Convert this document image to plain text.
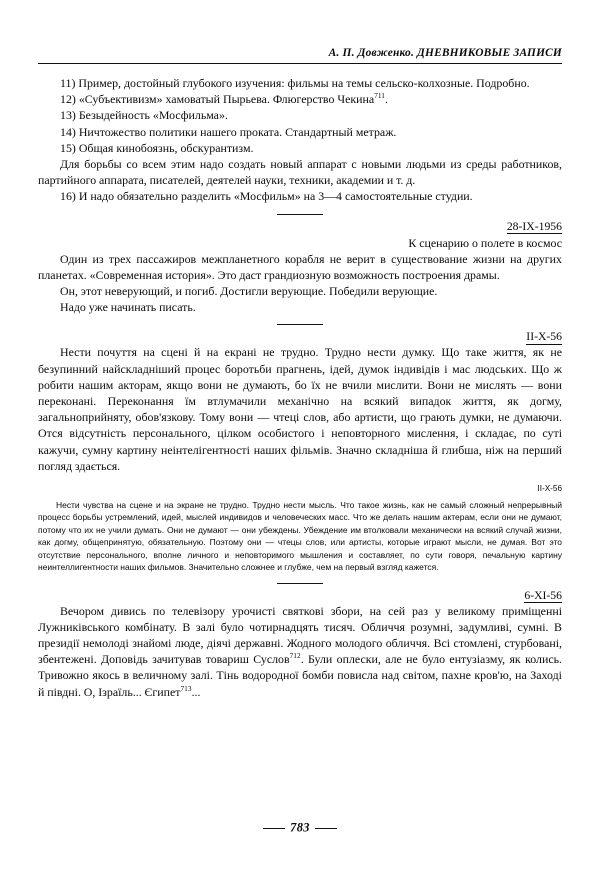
А. П. Довженко. ДНЕВНИКОВЫЕ ЗАПИСИ

11) Пример, достойный глубокого изучения: фильмы на темы сельско-колхозные. Подробно.

12) «Субъективизм» хамоватый Пырьева. Флюгерство Чекина$^{711}$.

13) Безыдейность «Мосфильма».

14) Ничтожество политики нашего проката. Стандартный метраж.

15) Общая кинобоязнь, обскурантизм.

Для борьбы со всем этим надо создать новый аппарат с новыми людьми из среды работников, партийного аппарата, писателей, деятелей науки, техники, академии и т. д.

16) И надо обязательно разделить «Мосфильм» на 3—4 самостоятельные студии.

28-IX-1956
К сценарию о полете в космос

Один из трех пассажиров межпланетного корабля не верит в существование жизни на других планетах. «Современная история». Это даст грандиозную возможность построения драмы.

Он, этот неверующий, и погиб. Достигли верующие. Победили верующие.

Надо уже начинать писать.

II-X-56

Нести почуття на сцені й на екрані не трудно. Трудно нести думку. Що таке життя, як не безупинний найскладніший процес боротьби прагнень, ідей, думок індивідів і мас людських. Що ж робити нашим акторам, якщо вони не думають, бо їх не вчили мислити. Вони не мислять — вони переконані. Переконання їм втлумачили механічно на всякий випадок життя, як догму, загальноприйняту, обов'язкову. Тому вони — чтеці слов, або артисти, що грають думки, не думаючи. Отся відсутність персонального, цілком особистого і неповторного мислення, і складає, по суті кажучи, сумну картину неінтелігентності наших фільмів. Значно складніша й глибша, ніж на перший погляд здається.

II-X-56

Нести чувства на сцене и на экране не трудно. Трудно нести мысль. Что такое жизнь, как не самый сложный непрерывный процесс борьбы устремлений, идей, мыслей индивидов и человеческих масс. Что же делать нашим актерам, если они не думают, потому что их не учили думать. Они не думают — они убеждены. Убеждение им втолковали механически на всякий случай жизни, как догму, общепринятую, обязательную. Поэтому они — чтецы слов, или артисты, которые играют мысли, не думая. Вот это отсутствие персонального, вполне личного и неповторимого мышления и составляет, по сути говоря, печальную картину неинтеллигентности наших фильмов. Значительно сложнее и глубже, чем на первый взгляд кажется.

6-XI-56

Вечором дивись по телевізору урочисті святкові збори, на сей раз у великому приміщенні Лужниківського комбінату. В залі було чотирнадцять тисяч. Обличчя розумні, задумливі, сумні. В президії немолоді знайомі люде, діячі державні. Жодного молодого обличчя. Всі стомлені, стурбовані, збентежені. Доповідь зачитував товариш Суслов$^{712}$. Були оплески, але не було ентузіазму, як колись. Тривожно якось в величному залі. Тінь водородної бомби повисла над світом, пахне кров'ю, на Заході й півдні. О, Ізраїль... Єгипет$^{713}$...

783
